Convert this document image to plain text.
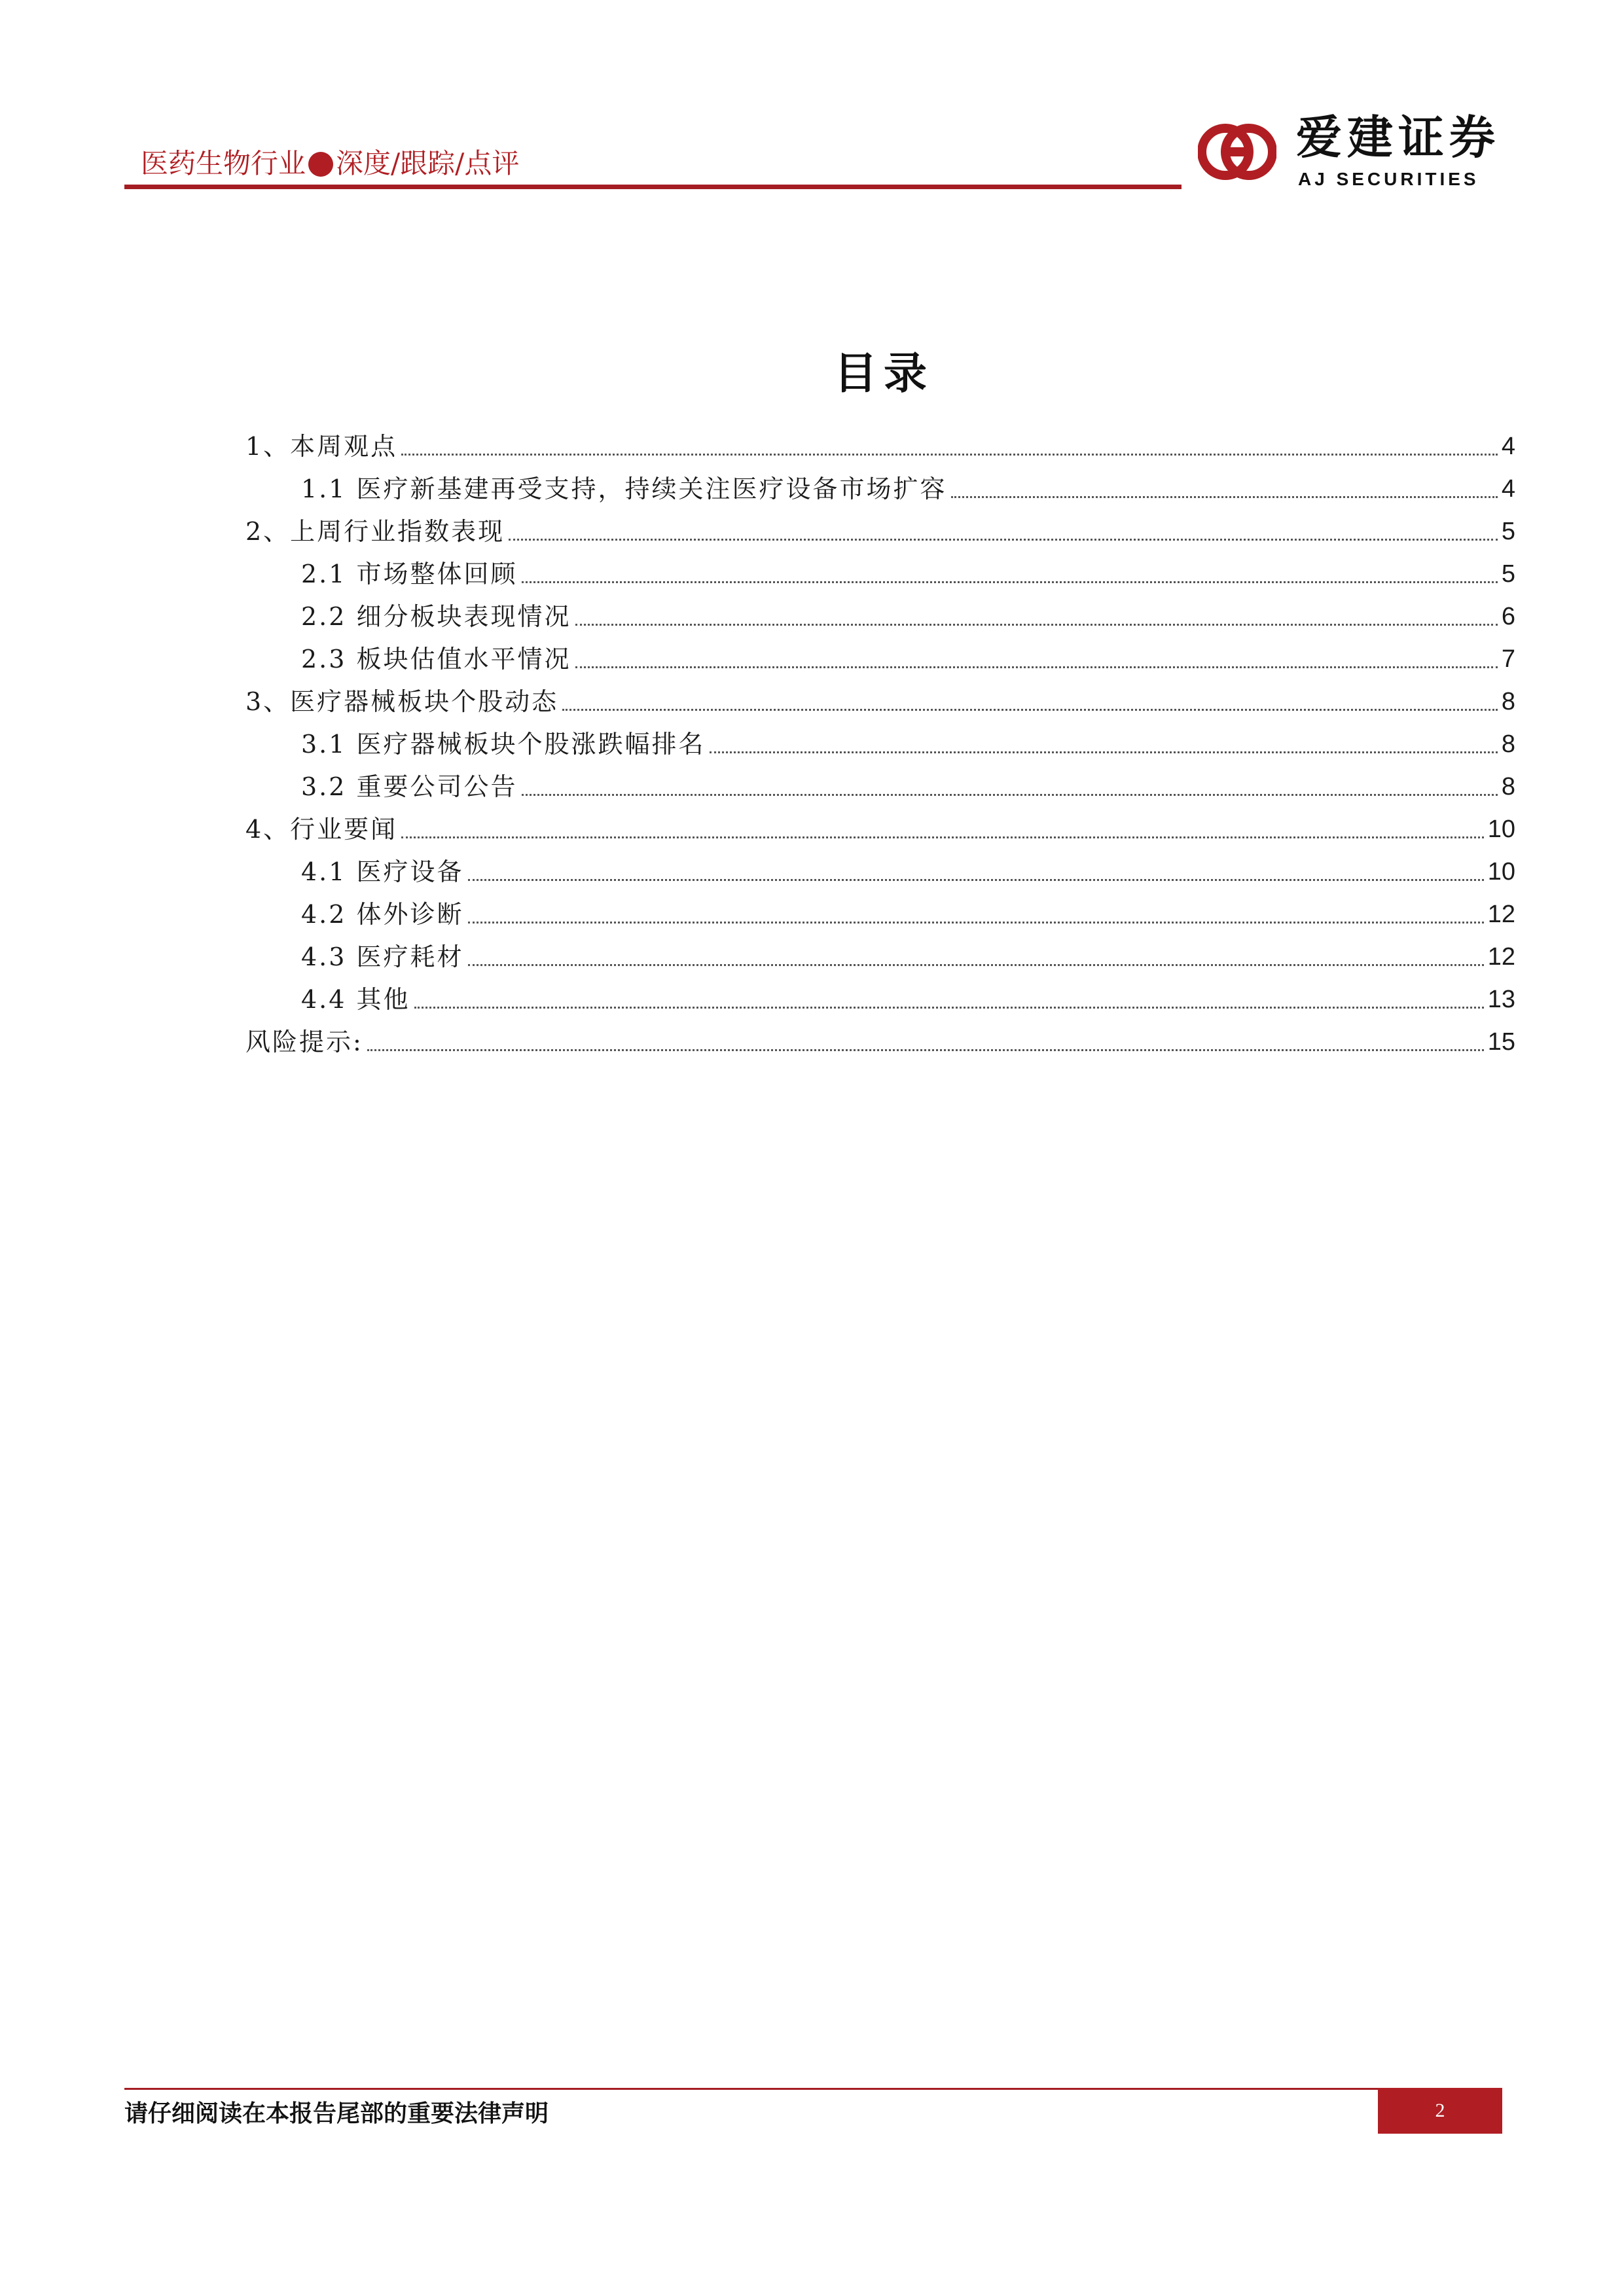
医药生物行业 深度/跟踪/点评	爱建证券
AJ SECURITIES
目录
1、本周观点	4
1.1 医疗新基建再受支持，持续关注医疗设备市场扩容	4
2、上周行业指数表现	5
2.1 市场整体回顾	5
2.2 细分板块表现情况	6
2.3 板块估值水平情况	7
3、医疗器械板块个股动态	8
3.1 医疗器械板块个股涨跌幅排名	8
3.2 重要公司公告	8
4、行业要闻	10
4.1 医疗设备	10
4.2 体外诊断	12
4.3 医疗耗材	12
4.4 其他	13
风险提示:	15
请仔细阅读在本报告尾部的重要法律声明	2
